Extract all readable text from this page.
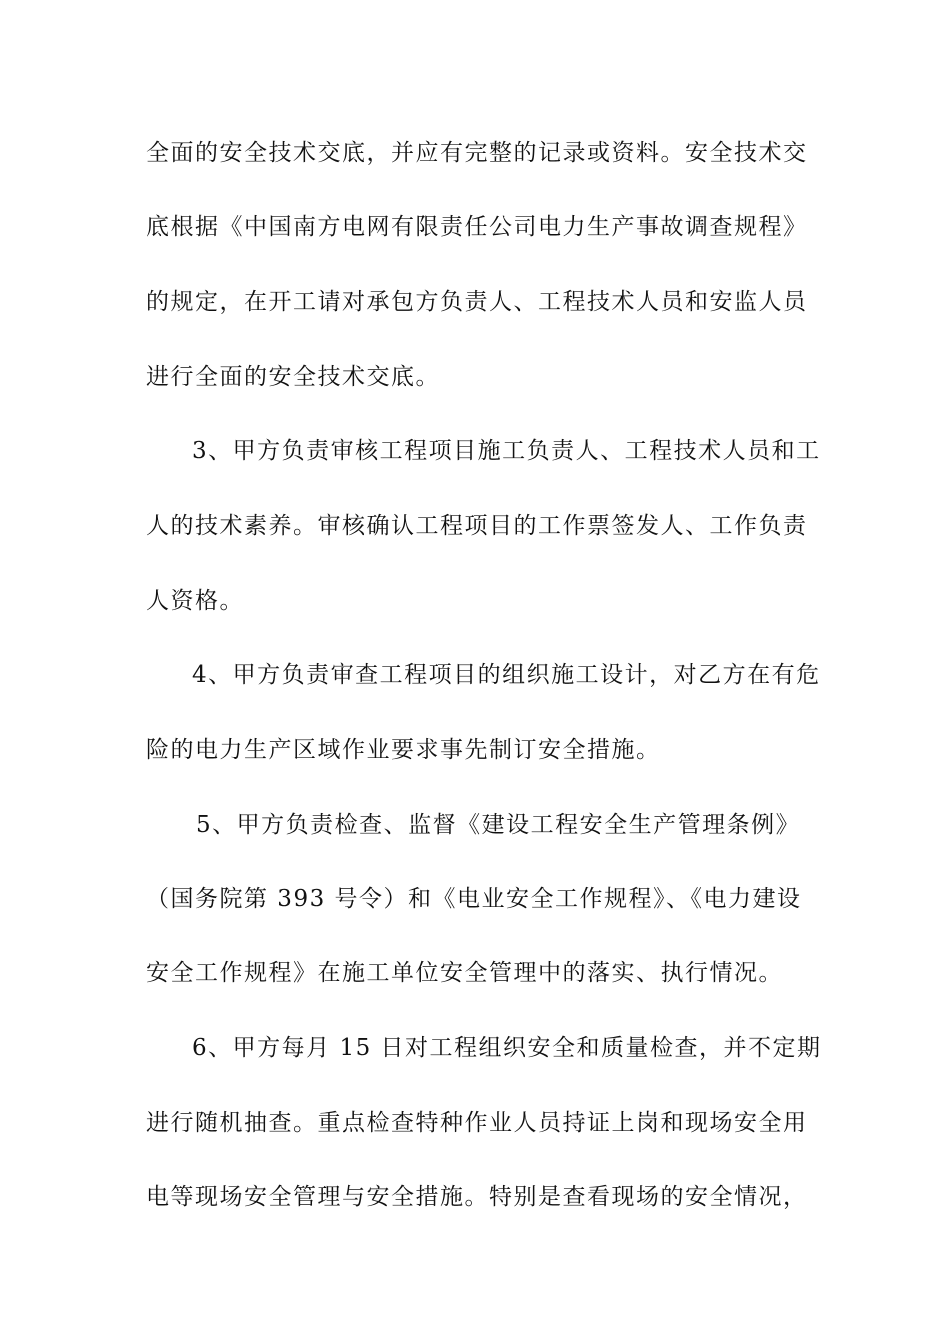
全面的安全技术交底，并应有完整的记录或资料。安全技术交
底根据《中国南方电网有限责任公司电力生产事故调查规程》
的规定，在开工请对承包方负责人、工程技术人员和安监人员
进行全面的安全技术交底。
3、甲方负责审核工程项目施工负责人、工程技术人员和工
人的技术素养。审核确认工程项目的工作票签发人、工作负责
人资格。
4、甲方负责审查工程项目的组织施工设计，对乙方在有危
险的电力生产区域作业要求事先制订安全措施。
5、甲方负责检查、监督《建设工程安全生产管理条例》
（国务院第 393 号令）和《电业安全工作规程》、《电力建设
安全工作规程》在施工单位安全管理中的落实、执行情况。
6、甲方每月 15 日对工程组织安全和质量检查，并不定期
进行随机抽查。重点检查特种作业人员持证上岗和现场安全用
电等现场安全管理与安全措施。特别是查看现场的安全情况，
